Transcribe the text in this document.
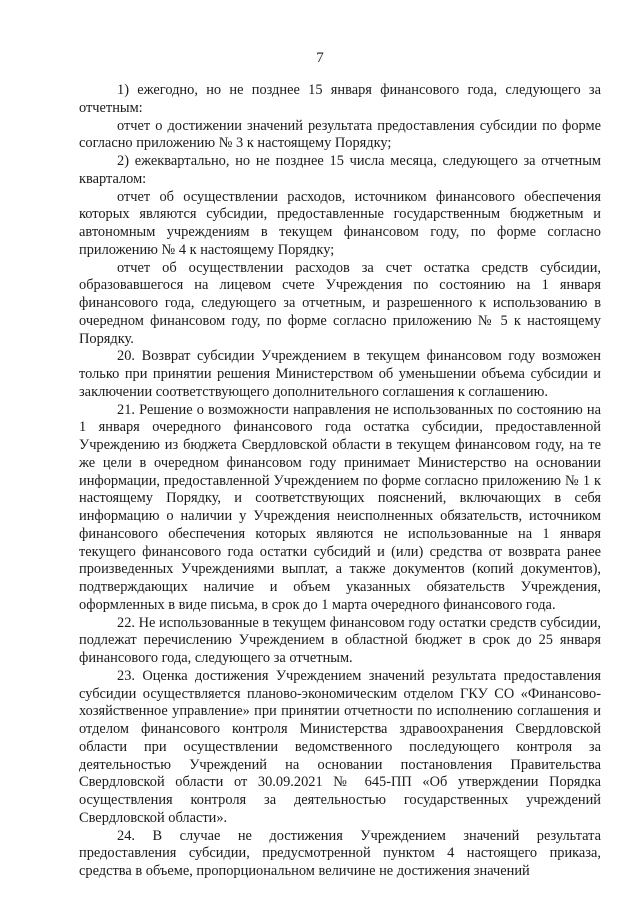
7

1) ежегодно, но не позднее 15 января финансового года, следующего за отчетным:

отчет о достижении значений результата предоставления субсидии по форме согласно приложению № 3 к настоящему Порядку;

2) ежеквартально, но не позднее 15 числа месяца, следующего за отчетным кварталом:

отчет об осуществлении расходов, источником финансового обеспечения которых являются субсидии, предоставленные государственным бюджетным и автономным учреждениям в текущем финансовом году, по форме согласно приложению № 4 к настоящему Порядку;

отчет об осуществлении расходов за счет остатка средств субсидии, образовавшегося на лицевом счете Учреждения по состоянию на 1 января финансового года, следующего за отчетным, и разрешенного к использованию в очередном финансовом году, по форме согласно приложению № 5 к настоящему Порядку.

20. Возврат субсидии Учреждением в текущем финансовом году возможен только при принятии решения Министерством об уменьшении объема субсидии и заключении соответствующего дополнительного соглашения к соглашению.

21. Решение о возможности направления не использованных по состоянию на 1 января очередного финансового года остатка субсидии, предоставленной Учреждению из бюджета Свердловской области в текущем финансовом году, на те же цели в очередном финансовом году принимает Министерство на основании информации, предоставленной Учреждением по форме согласно приложению № 1 к настоящему Порядку, и соответствующих пояснений, включающих в себя информацию о наличии у Учреждения неисполненных обязательств, источником финансового обеспечения которых являются не использованные на 1 января текущего финансового года остатки субсидий и (или) средства от возврата ранее произведенных Учреждениями выплат, а также документов (копий документов), подтверждающих наличие и объем указанных обязательств Учреждения, оформленных в виде письма, в срок до 1 марта очередного финансового года.

22. Не использованные в текущем финансовом году остатки средств субсидии, подлежат перечислению Учреждением в областной бюджет в срок до 25 января финансового года, следующего за отчетным.

23. Оценка достижения Учреждением значений результата предоставления субсидии осуществляется планово-экономическим отделом ГКУ СО «Финансово-хозяйственное управление» при принятии отчетности по исполнению соглашения и отделом финансового контроля Министерства здравоохранения Свердловской области при осуществлении ведомственного последующего контроля за деятельностью Учреждений на основании постановления Правительства Свердловской области от 30.09.2021 № 645-ПП «Об утверждении Порядка осуществления контроля за деятельностью государственных учреждений Свердловской области».

24. В случае не достижения Учреждением значений результата предоставления субсидии, предусмотренной пунктом 4 настоящего приказа, средства в объеме, пропорциональном величине не достижения значений
